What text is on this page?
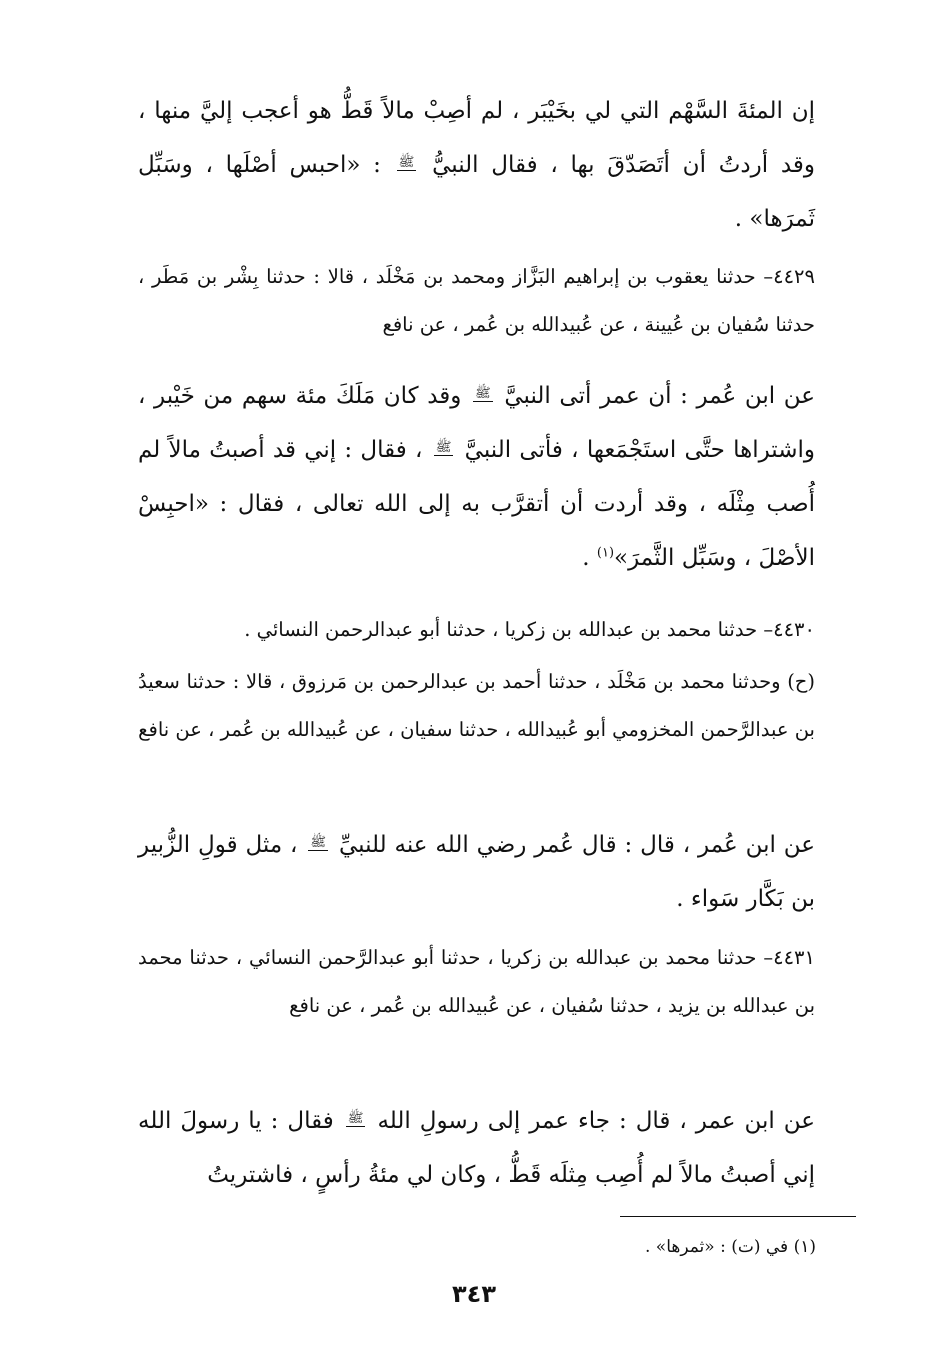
إن المئةَ السَّهْم التي لي بخَيْبَر ، لم أصِبْ مالاً قَطُّ هو أعجب إليَّ منها ، وقد أردتُ أن أتَصَدّقَ بها ، فقال النبيُّ ﷺ : «احبس أصْلَها ، وسَبِّل ثَمرَها» .

٤٤٢٩– حدثنا يعقوب بن إبراهيم البَزَّاز ومحمد بن مَخْلَد ، قالا : حدثنا بِشْر بن مَطَر ، حدثنا سُفيان بن عُيينة ، عن عُبيدالله بن عُمر ، عن نافع

عن ابن عُمر : أن عمر أتى النبيَّ ﷺ وقد كان مَلَكَ مئة سهم من خَيْبر ، واشتراها حتَّى استَجْمَعها ، فأتى النبيَّ ﷺ ، فقال : إني قد أصبتُ مالاً لم أُصب مِثْلَه ، وقد أردت أن أتقرَّب به إلى الله تعالى ، فقال : «احبِسْ الأصْلَ ، وسَبِّل الثَّمرَ»$^{(١)}$ .

٤٤٣٠– حدثنا محمد بن عبدالله بن زكريا ، حدثنا أبو عبدالرحمن النسائي .

(ح) وحدثنا محمد بن مَخْلَد ، حدثنا أحمد بن عبدالرحمن بن مَرزوق ، قالا : حدثنا سعيدُ بن عبدالرَّحمن المخزومي أبو عُبيدالله ، حدثنا سفيان ، عن عُبيدالله بن عُمر ، عن نافع

عن ابن عُمر ، قال : قال عُمر رضي الله عنه للنبيِّ ﷺ ، مثل قولِ الزُّبير بن بَكَّار سَواء .

٤٤٣١– حدثنا محمد بن عبدالله بن زكريا ، حدثنا أبو عبدالرَّحمن النسائي ، حدثنا محمد بن عبدالله بن يزيد ، حدثنا سُفيان ، عن عُبيدالله بن عُمر ، عن نافع

عن ابن عمر ، قال : جاء عمر إلى رسولِ الله ﷺ فقال : يا رسولَ الله إني أصبتُ مالاً لم أُصِب مِثلَه قَطُّ ، وكان لي مئةُ رأسٍ ، فاشتريتُ

(١) في (ت) : «ثمرها» .

٣٤٣
